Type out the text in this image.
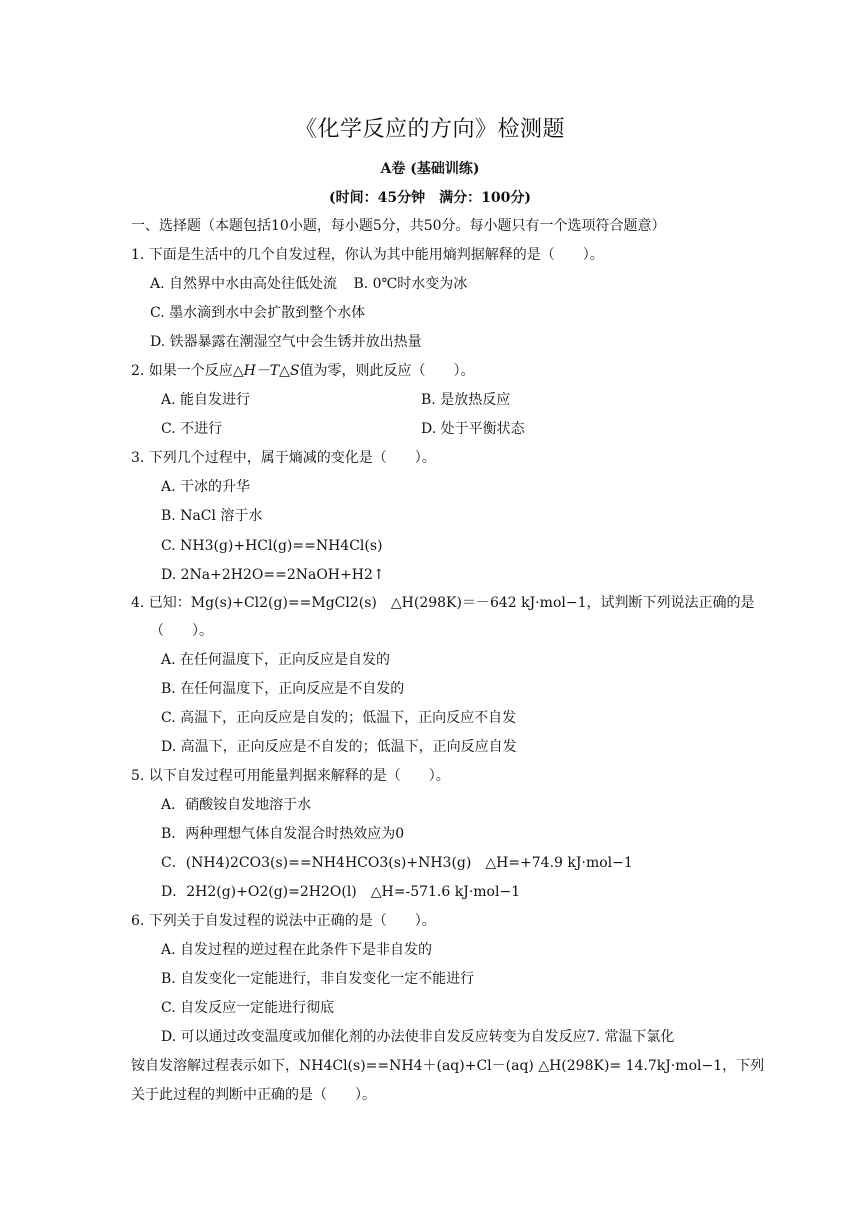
《化学反应的方向》检测题
A卷 (基础训练)
(时间：45分钟　满分：100分)
一、选择题（本题包括10小题，每小题5分，共50分。每小题只有一个选项符合题意）
1. 下面是生活中的几个自发过程，你认为其中能用熵判据解释的是（　　）。
A. 自然界中水由高处往低处流 B. 0℃时水变为冰
C. 墨水滴到水中会扩散到整个水体
D. 铁器暴露在潮湿空气中会生锈并放出热量
2. 如果一个反应△H－T△S值为零，则此反应（　　）。
A. 能自发进行	B. 是放热反应
C. 不进行	D. 处于平衡状态
3. 下列几个过程中，属于熵减的变化是（　　）。
A. 干冰的升华
B. NaCl 溶于水
C. NH3(g)+HCl(g)==NH4Cl(s)
D. 2Na+2H2O==2NaOH+H2↑
4. 已知：Mg(s)+Cl2(g)==MgCl2(s)　△H(298K)＝－642 kJ·mol−1，试判断下列说法正确的是
（　　）。
A. 在任何温度下，正向反应是自发的
B. 在任何温度下，正向反应是不自发的
C. 高温下，正向反应是自发的；低温下，正向反应不自发
D. 高温下，正向反应是不自发的；低温下，正向反应自发
5. 以下自发过程可用能量判据来解释的是（　　）。
A．硝酸铵自发地溶于水
B．两种理想气体自发混合时热效应为0
C．(NH4)2CO3(s)==NH4HCO3(s)+NH3(g)　△H=+74.9 kJ·mol−1
D．2H2(g)+O2(g)=2H2O(l)　△H=-571.6 kJ·mol−1
6. 下列关于自发过程的说法中正确的是（　　）。
A. 自发过程的逆过程在此条件下是非自发的
B. 自发变化一定能进行，非自发变化一定不能进行
C. 自发反应一定能进行彻底
D. 可以通过改变温度或加催化剂的办法使非自发反应转变为自发反应7. 常温下氯化
铵自发溶解过程表示如下，NH4Cl(s)==NH4＋(aq)+Cl－(aq) △H(298K)= 14.7kJ·mol−1，下列
关于此过程的判断中正确的是（　　）。
